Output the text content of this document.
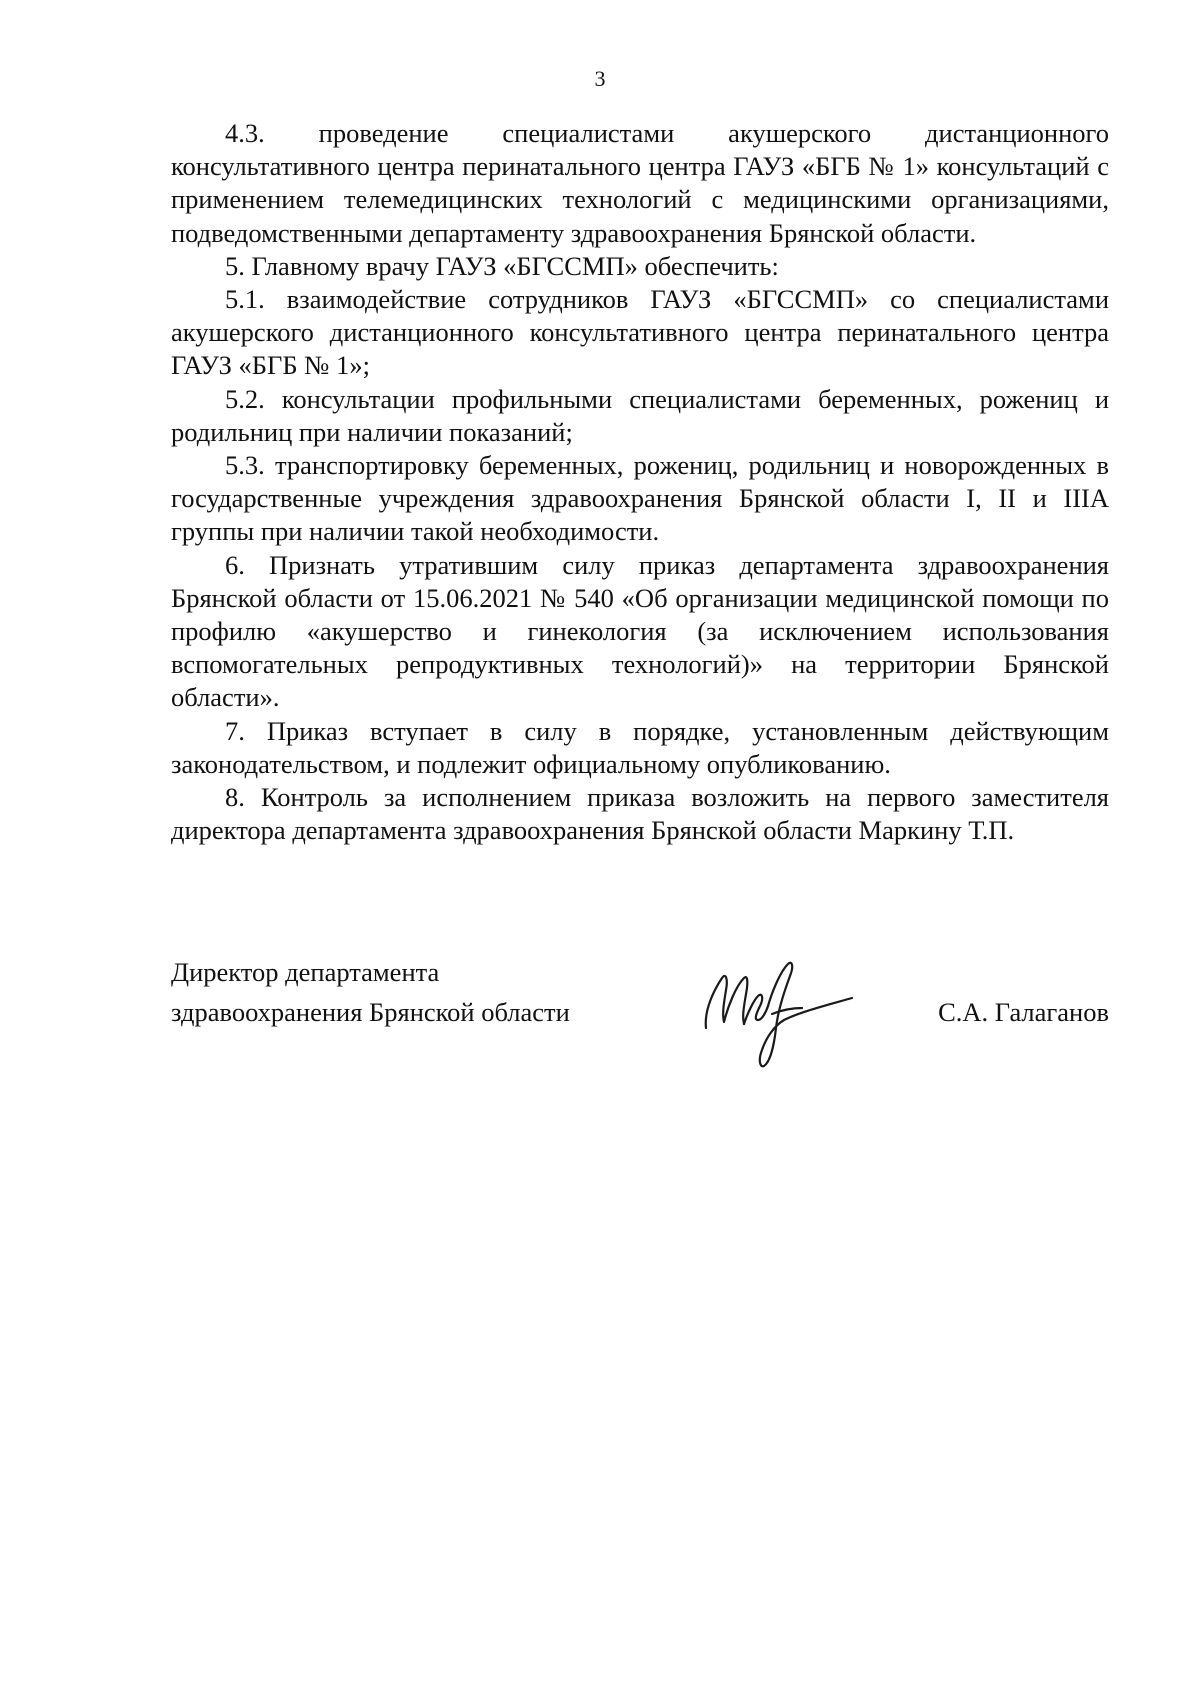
3

4.3. проведение специалистами акушерского дистанционного консультативного центра перинатального центра ГАУЗ «БГБ № 1» консультаций с применением телемедицинских технологий с медицинскими организациями, подведомственными департаменту здравоохранения Брянской области.

5. Главному врачу ГАУЗ «БГССМП» обеспечить:

5.1. взаимодействие сотрудников ГАУЗ «БГССМП» со специалистами акушерского дистанционного консультативного центра перинатального центра ГАУЗ «БГБ № 1»;

5.2. консультации профильными специалистами беременных, рожениц и родильниц при наличии показаний;

5.3. транспортировку беременных, рожениц, родильниц и новорожденных в государственные учреждения здравоохранения Брянской области I, II и IIIА группы при наличии такой необходимости.

6. Признать утратившим силу приказ департамента здравоохранения Брянской области от 15.06.2021 № 540 «Об организации медицинской помощи по профилю «акушерство и гинекология (за исключением использования вспомогательных репродуктивных технологий)» на территории Брянской области».

7. Приказ вступает в силу в порядке, установленным действующим законодательством, и подлежит официальному опубликованию.

8. Контроль за исполнением приказа возложить на первого заместителя директора департамента здравоохранения Брянской области Маркину Т.П.

Директор департамента
здравоохранения Брянской области	С.А. Галаганов
